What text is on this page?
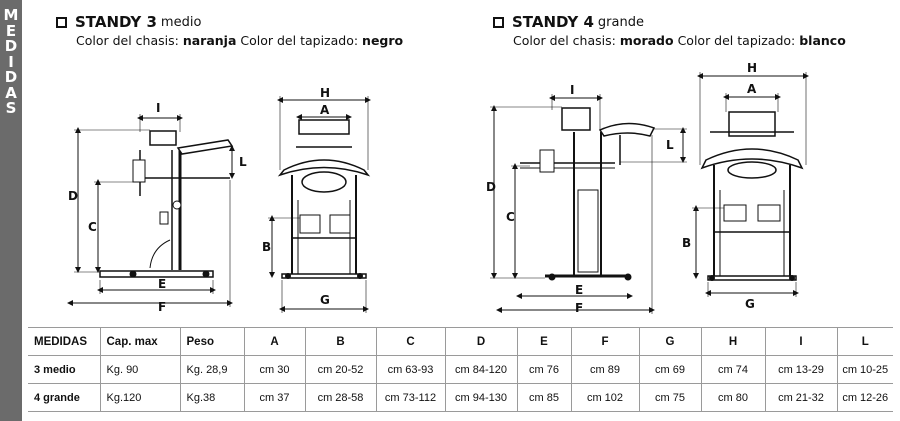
M
E
D
I
D
A
S
STANDY 3 medio
Color del chasis: naranja Color del tapizado: negro
STANDY 4 grande
Color del chasis: morado Color del tapizado: blanco
D
C
I
L
E
F
H
A
B
G
D
C
I
L
E
F
H
A
B
G
MEDIDAS	Cap. max	Peso	A	B	C	D	E	F	G	H	I	L
3 medio	Kg. 90	Kg. 28,9	cm 30	cm 20-52	cm 63-93	cm 84-120	cm 76	cm 89	cm 69	cm 74	cm 13-29	cm 10-25
4 grande	Kg.120	Kg.38	cm 37	cm 28-58	cm 73-112	cm 94-130	cm 85	cm 102	cm 75	cm 80	cm 21-32	cm 12-26
